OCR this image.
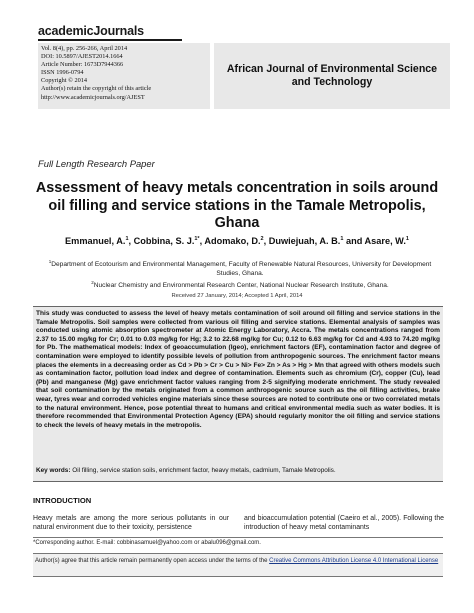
academicJournals
Vol. 8(4), pp. 256-266, April 2014
DOI: 10.5897/AJEST2014.1664
Article Number: 1673D7944366
ISSN 1996-0794
Copyright © 2014
Author(s) retain the copyright of this article
http://www.academicjournals.org/AJEST
African Journal of Environmental Science and Technology
Full Length Research Paper
Assessment of heavy metals concentration in soils around oil filling and service stations in the Tamale Metropolis, Ghana
Emmanuel, A.$^1$, Cobbina, S. J.$^{1*}$, Adomako, D.$^2$, Duwiejuah, A. B.$^1$ and Asare, W.$^1$
$^1$Department of Ecotourism and Environmental Management, Faculty of Renewable Natural Resources, University for Development Studies, Ghana.
$^2$Nuclear Chemistry and Environmental Research Center, National Nuclear Research Institute, Ghana.
Received 27 January, 2014; Accepted 1 April, 2014
This study was conducted to assess the level of heavy metals contamination of soil around oil filling and service stations in the Tamale Metropolis. Soil samples were collected from various oil filling and service stations. Elemental analysis of samples was conducted using atomic absorption spectrometer at Atomic Energy Laboratory, Accra. The metals concentrations ranged from 2.37 to 15.00 mg/kg for Cr; 0.01 to 0.03 mg/kg for Hg; 3.2 to 22.68 mg/kg for Cu; 0.12 to 6.63 mg/kg for Cd and 4.93 to 74.20 mg/kg for Pb. The mathematical models: Index of geoaccumulation (Igeo), enrichment factors (EF), contamination factor and degree of contamination were employed to identify possible levels of pollution from anthropogenic sources. The enrichment factor means places the elements in a decreasing order as Cd > Pb > Cr > Cu > Ni> Fe> Zn > As > Hg > Mn that agreed with others models such as contamination factor, pollution load index and degree of contamination. Elements such as chromium (Cr), copper (Cu), lead (Pb) and manganese (Mg) gave enrichment factor values ranging from 2-5 signifying moderate enrichment. The study revealed that soil contamination by the metals originated from a common anthropogenic source such as the oil filling activities, brake wear, tyres wear and corroded vehicles engine materials since these sources are noted to contribute one or two correlated metals to the natural environment. Hence, pose potential threat to humans and critical environmental media such as water bodies. It is therefore recommended that Environmental Protection Agency (EPA) should regularly monitor the oil filling and service stations to check the levels of heavy metals in the metropolis.
Key words: Oil filling, service station soils, enrichment factor, heavy metals, cadmium, Tamale Metropolis.
INTRODUCTION
Heavy metals are among the more serious pollutants in our natural environment due to their toxicity, persistence
and bioaccumulation potential (Caeiro et al., 2005). Following the introduction of heavy metal contaminants
*Corresponding author. E-mail: cobbinasamuel@yahoo.com or abalu096@gmail.com.
Author(s) agree that this article remain permanently open access under the terms of the Creative Commons Attribution License 4.0 International License
